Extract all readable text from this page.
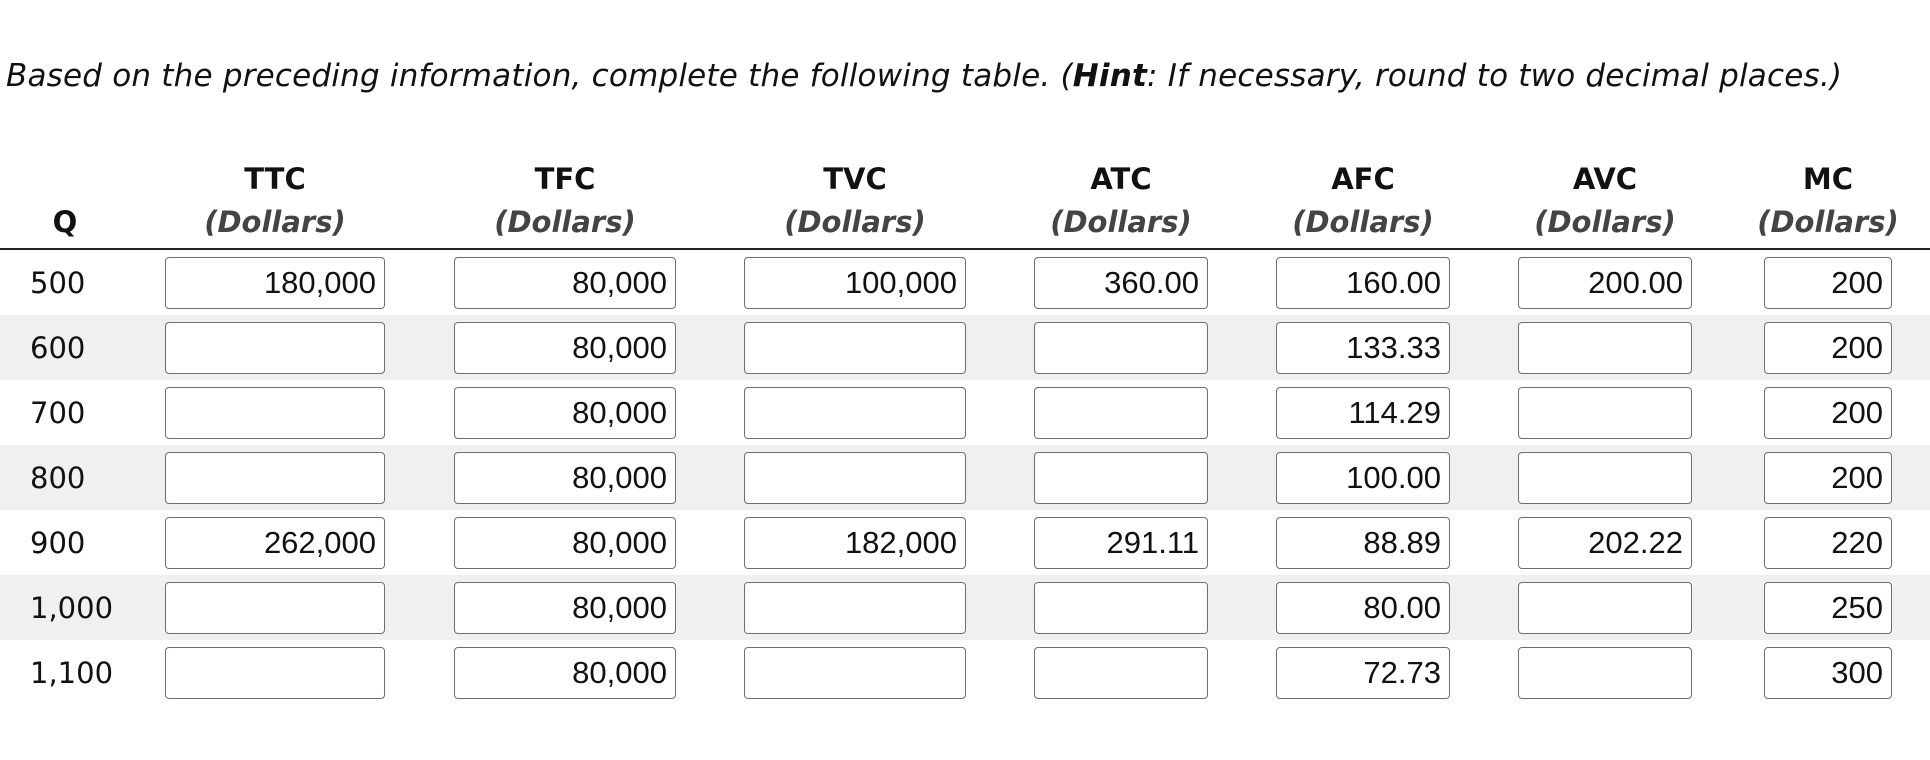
Based on the preceding information, complete the following table. (Hint: If necessary, round to two decimal places.)
	TTC	TFC	TVC	ATC	AFC	AVC	MC
Q	(Dollars)	(Dollars)	(Dollars)	(Dollars)	(Dollars)	(Dollars)	(Dollars)
500	180,000	80,000	100,000	360.00	160.00	200.00	200
600		80,000			133.33		200
700		80,000			114.29		200
800		80,000			100.00		200
900	262,000	80,000	182,000	291.11	88.89	202.22	220
1,000		80,000			80.00		250
1,100		80,000			72.73		300
